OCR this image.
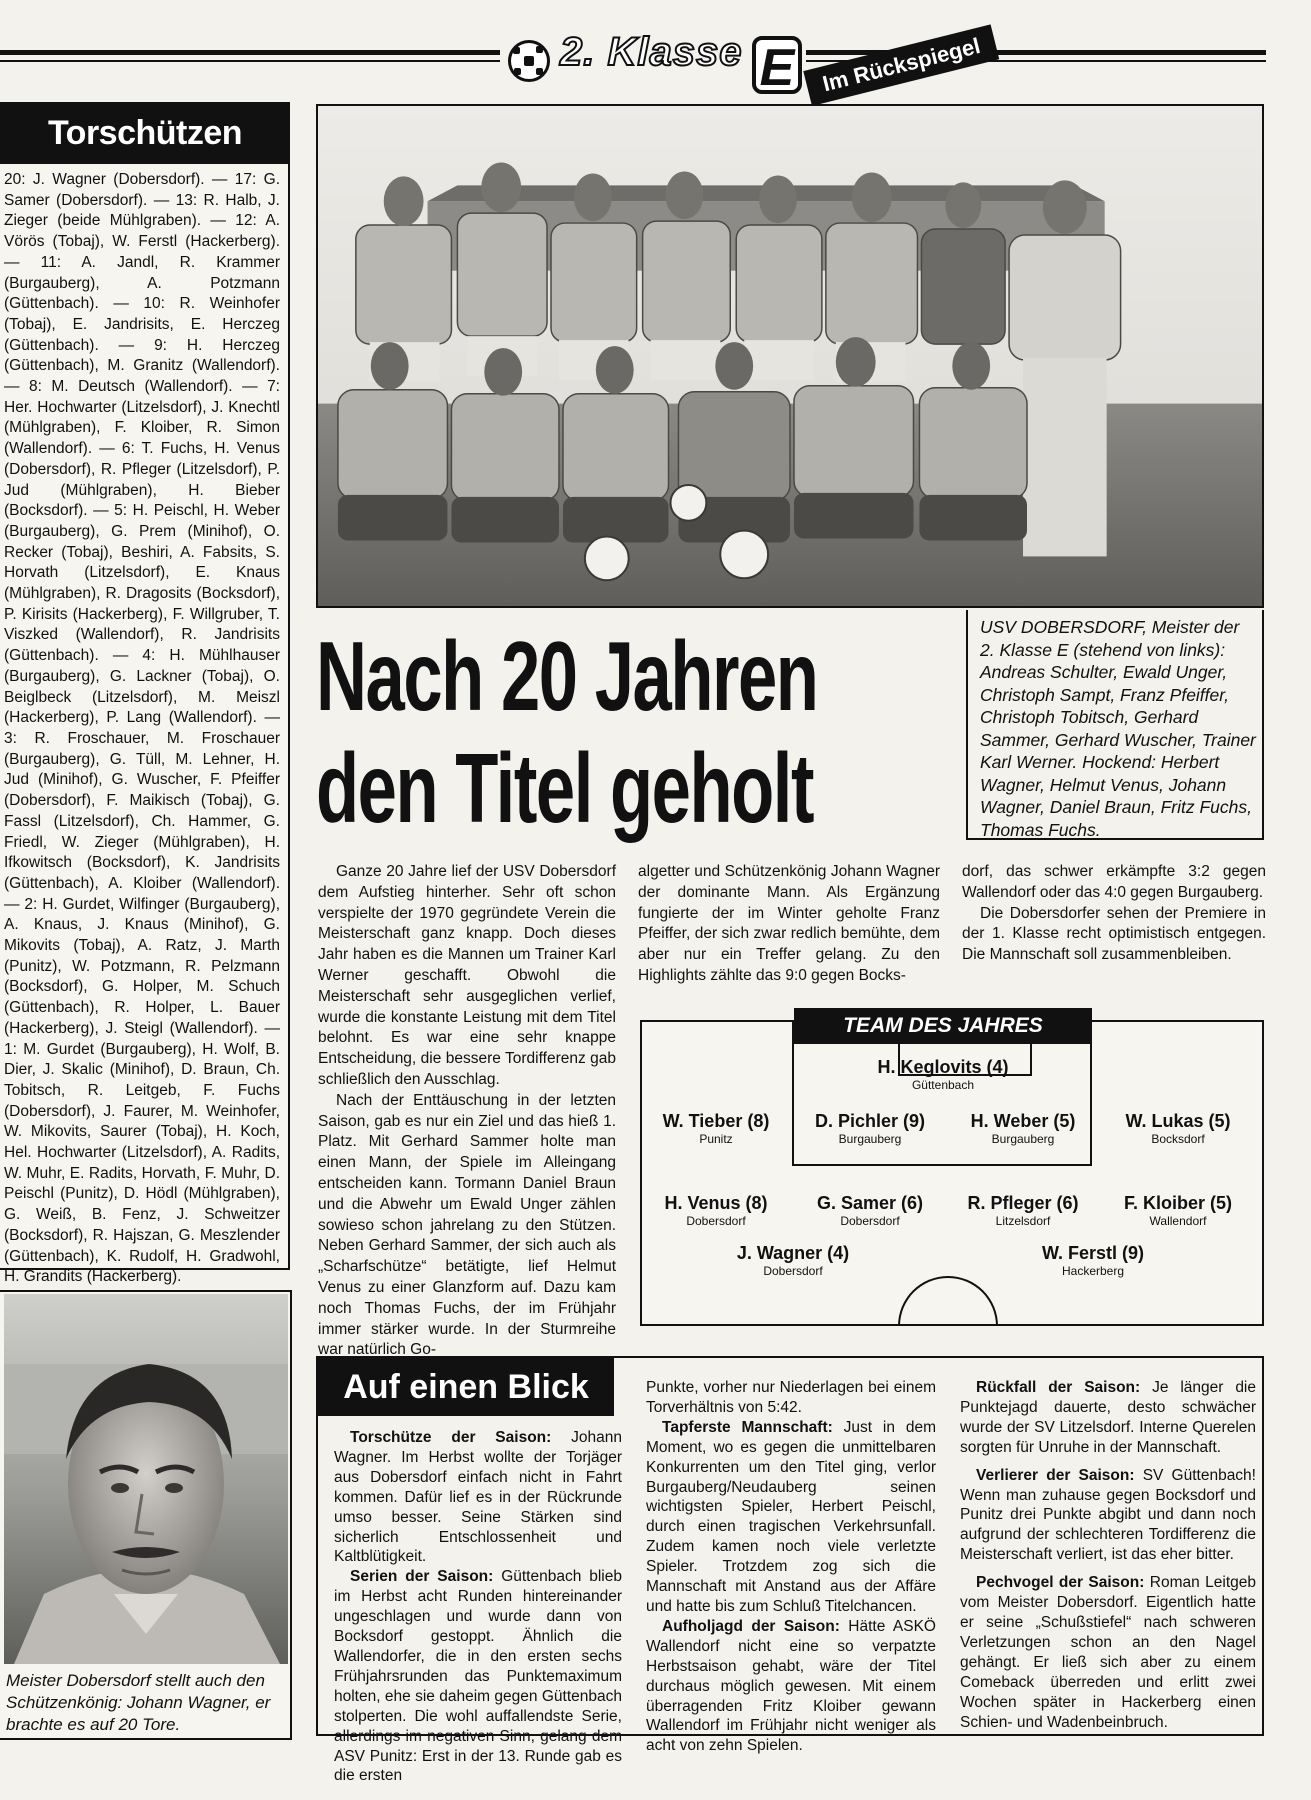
2. Klasse E	Im Rückspiegel
Torschützen
20: J. Wagner (Dobersdorf). — 17: G. Samer (Dobersdorf). — 13: R. Halb, J. Zieger (beide Mühlgraben). — 12: A. Vörös (Tobaj), W. Ferstl (Hackerberg). — 11: A. Jandl, R. Krammer (Burgauberg), A. Potzmann (Güttenbach). — 10: R. Weinhofer (Tobaj), E. Jandrisits, E. Herczeg (Güttenbach). — 9: H. Herczeg (Güttenbach), M. Granitz (Wallendorf). — 8: M. Deutsch (Wallendorf). — 7: Her. Hochwarter (Litzelsdorf), J. Knechtl (Mühlgraben), F. Kloiber, R. Simon (Wallendorf). — 6: T. Fuchs, H. Venus (Dobersdorf), R. Pfleger (Litzelsdorf), P. Jud (Mühlgraben), H. Bieber (Bocksdorf). — 5: H. Peischl, H. Weber (Burgauberg), G. Prem (Minihof), O. Recker (Tobaj), Beshiri, A. Fabsits, S. Horvath (Litzelsdorf), E. Knaus (Mühlgraben), R. Dragosits (Bocksdorf), P. Kirisits (Hackerberg), F. Willgruber, T. Viszked (Wallendorf), R. Jandrisits (Güttenbach). — 4: H. Mühlhauser (Burgauberg), G. Lackner (Tobaj), O. Beiglbeck (Litzelsdorf), M. Meiszl (Hackerberg), P. Lang (Wallendorf). — 3: R. Froschauer, M. Froschauer (Burgauberg), G. Tüll, M. Lehner, H. Jud (Minihof), G. Wuscher, F. Pfeiffer (Dobersdorf), F. Maikisch (Tobaj), G. Fassl (Litzelsdorf), Ch. Hammer, G. Friedl, W. Zieger (Mühlgraben), H. Ifkowitsch (Bocksdorf), K. Jandrisits (Güttenbach), A. Kloiber (Wallendorf). — 2: H. Gurdet, Wilfinger (Burgauberg), A. Knaus, J. Knaus (Minihof), G. Mikovits (Tobaj), A. Ratz, J. Marth (Punitz), W. Potzmann, R. Pelzmann (Bocksdorf), G. Holper, M. Schuch (Güttenbach), R. Holper, L. Bauer (Hackerberg), J. Steigl (Wallendorf). — 1: M. Gurdet (Burgauberg), H. Wolf, B. Dier, J. Skalic (Minihof), D. Braun, Ch. Tobitsch, R. Leitgeb, F. Fuchs (Dobersdorf), J. Faurer, M. Weinhofer, W. Mikovits, Saurer (Tobaj), H. Koch, Hel. Hochwarter (Litzelsdorf), A. Radits, W. Muhr, E. Radits, Horvath, F. Muhr, D. Peischl (Punitz), D. Hödl (Mühlgraben), G. Weiß, B. Fenz, J. Schweitzer (Bocksdorf), R. Hajszan, G. Meszlender (Güttenbach), K. Rudolf, H. Gradwohl, H. Grandits (Hackerberg).
Meister Dobersdorf stellt auch den Schützenkönig: Johann Wagner, er brachte es auf 20 Tore.
USV DOBERSDORF, Meister der 2. Klasse E (stehend von links): Andreas Schulter, Ewald Unger, Christoph Sampt, Franz Pfeiffer, Christoph Tobitsch, Gerhard Sammer, Gerhard Wuscher, Trainer Karl Werner. Hockend: Herbert Wagner, Helmut Venus, Johann Wagner, Daniel Braun, Fritz Fuchs, Thomas Fuchs.
Nach 20 Jahren
den Titel geholt

Ganze 20 Jahre lief der USV Dobersdorf dem Aufstieg hinterher. Sehr oft schon verspielte der 1970 gegründete Verein die Meisterschaft ganz knapp. Doch dieses Jahr haben es die Mannen um Trainer Karl Werner geschafft. Obwohl die Meisterschaft sehr ausgeglichen verlief, wurde die konstante Leistung mit dem Titel belohnt. Es war eine sehr knappe Entscheidung, die bessere Tordifferenz gab schließlich den Ausschlag.

Nach der Enttäuschung in der letzten Saison, gab es nur ein Ziel und das hieß 1. Platz. Mit Gerhard Sammer holte man einen Mann, der Spiele im Alleingang entscheiden kann. Tormann Daniel Braun und die Abwehr um Ewald Unger zählen sowieso schon jahrelang zu den Stützen. Neben Gerhard Sammer, der sich auch als „Scharfschütze“ betätigte, lief Helmut Venus zu einer Glanzform auf. Dazu kam noch Thomas Fuchs, der im Frühjahr immer stärker wurde. In der Sturmreihe war natürlich Go-

algetter und Schützenkönig Johann Wagner der dominante Mann. Als Ergänzung fungierte der im Winter geholte Franz Pfeiffer, der sich zwar redlich bemühte, dem aber nur ein Treffer gelang. Zu den Highlights zählte das 9:0 gegen Bocks-

dorf, das schwer erkämpfte 3:2 gegen Wallendorf oder das 4:0 gegen Burgauberg.

Die Dobersdorfer sehen der Premiere in der 1. Klasse recht optimistisch entgegen. Die Mannschaft soll zusammenbleiben.

TEAM DES JAHRES
H. Keglovits (4)
Güttenbach
W. Tieber (8)
Punitz
D. Pichler (9)
Burgauberg
H. Weber (5)
Burgauberg
W. Lukas (5)
Bocksdorf
H. Venus (8)
Dobersdorf
G. Samer (6)
Dobersdorf
R. Pfleger (6)
Litzelsdorf
F. Kloiber (5)
Wallendorf
J. Wagner (4)
Dobersdorf
W. Ferstl (9)
Hackerberg
Auf einen Blick

Torschütze der Saison: Johann Wagner. Im Herbst wollte der Torjäger aus Dobersdorf einfach nicht in Fahrt kommen. Dafür lief es in der Rückrunde umso besser. Seine Stärken sind sicherlich Entschlossenheit und Kaltblütigkeit.

Serien der Saison: Güttenbach blieb im Herbst acht Runden hintereinander ungeschlagen und wurde dann von Bocksdorf gestoppt. Ähnlich die Wallendorfer, die in den ersten sechs Frühjahrsrunden das Punktemaximum holten, ehe sie daheim gegen Güttenbach stolperten. Die wohl auffallendste Serie, allerdings im negativen Sinn, gelang dem ASV Punitz: Erst in der 13. Runde gab es die ersten

Punkte, vorher nur Niederlagen bei einem Torverhältnis von 5:42.

Tapferste Mannschaft: Just in dem Moment, wo es gegen die unmittelbaren Konkurrenten um den Titel ging, verlor Burgauberg/Neudauberg seinen wichtigsten Spieler, Herbert Peischl, durch einen tragischen Verkehrsunfall. Zudem kamen noch viele verletzte Spieler. Trotzdem zog sich die Mannschaft mit Anstand aus der Affäre und hatte bis zum Schluß Titelchancen.

Aufholjagd der Saison: Hätte ASKÖ Wallendorf nicht eine so verpatzte Herbstsaison gehabt, wäre der Titel durchaus möglich gewesen. Mit einem überragenden Fritz Kloiber gewann Wallendorf im Frühjahr nicht weniger als acht von zehn Spielen.

Rückfall der Saison: Je länger die Punktejagd dauerte, desto schwächer wurde der SV Litzelsdorf. Interne Querelen sorgten für Unruhe in der Mannschaft.

Verlierer der Saison: SV Güttenbach! Wenn man zuhause gegen Bocksdorf und Punitz drei Punkte abgibt und dann noch aufgrund der schlechteren Tordifferenz die Meisterschaft verliert, ist das eher bitter.

Pechvogel der Saison: Roman Leitgeb vom Meister Dobersdorf. Eigentlich hatte er seine „Schußstiefel“ nach schweren Verletzungen schon an den Nagel gehängt. Er ließ sich aber zu einem Comeback überreden und erlitt zwei Wochen später in Hackerberg einen Schien- und Wadenbeinbruch.
